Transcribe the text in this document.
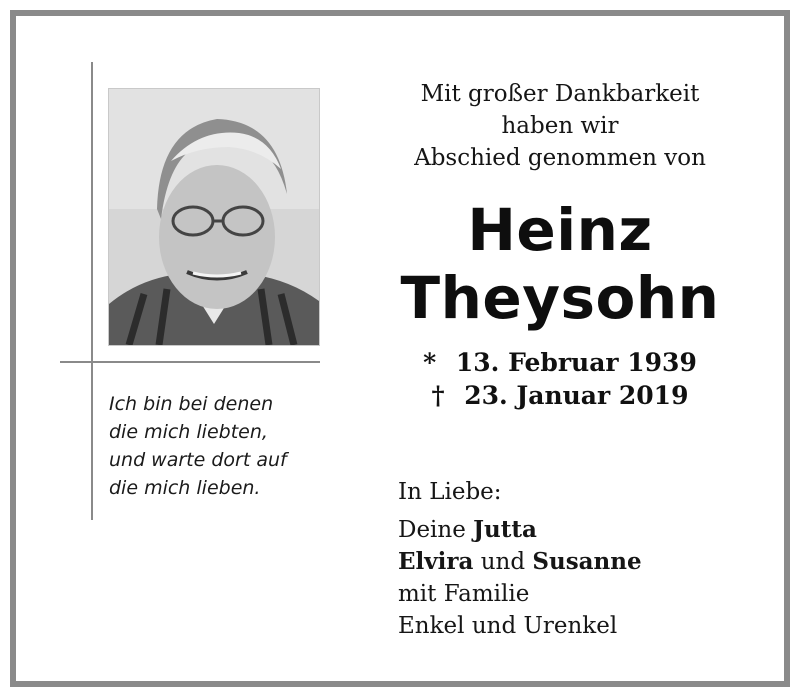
Ich bin bei denen
die mich liebten,
und warte dort auf
die mich lieben.
Mit großer Dankbarkeit
haben wir
Abschied genommen von
Heinz
Theysohn
* 13. Februar 1939
† 23. Januar 2019
In Liebe:
Deine Jutta
Elvira und Susanne
mit Familie
Enkel und Urenkel
